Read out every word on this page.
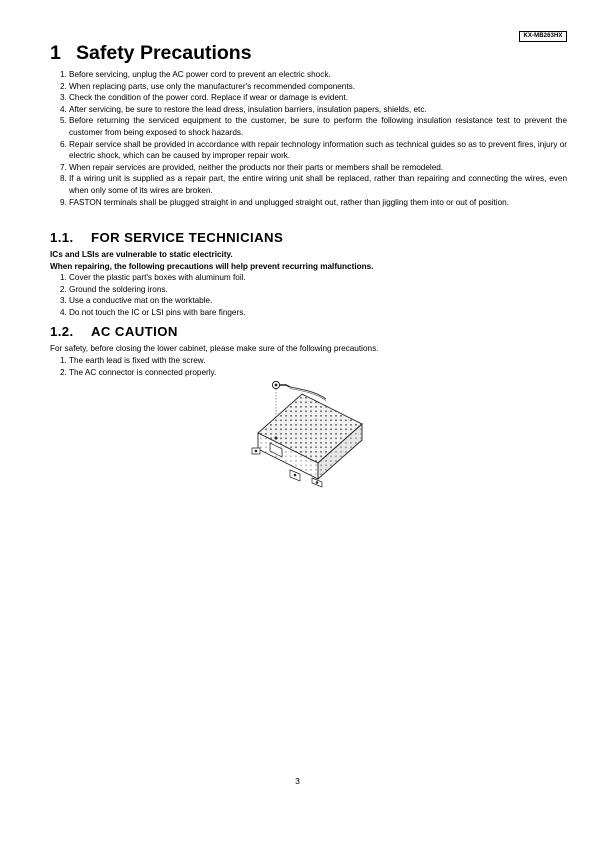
KX-MB263HX
1 Safety Precautions
1. Before servicing, unplug the AC power cord to prevent an electric shock.
2. When replacing parts, use only the manufacturer's recommended components.
3. Check the condition of the power cord. Replace if wear or damage is evident.
4. After servicing, be sure to restore the lead dress, insulation barriers, insulation papers, shields, etc.
5. Before returning the serviced equipment to the customer, be sure to perform the following insulation resistance test to prevent the customer from being exposed to shock hazards.
6. Repair service shall be provided in accordance with repair technology information such as technical guides so as to prevent fires, injury or electric shock, which can be caused by improper repair work.
7. When repair services are provided, neither the products nor their parts or members shall be remodeled.
8. If a wiring unit is supplied as a repair part, the entire wiring unit shall be replaced, rather than repairing and connecting the wires, even when only some of its wires are broken.
9. FASTON terminals shall be plugged straight in and unplugged straight out, rather than jiggling them into or out of position.
1.1. FOR SERVICE TECHNICIANS
ICs and LSIs are vulnerable to static electricity.
When repairing, the following precautions will help prevent recurring malfunctions.
1. Cover the plastic part's boxes with aluminum foil.
2. Ground the soldering irons.
3. Use a conductive mat on the worktable.
4. Do not touch the IC or LSI pins with bare fingers.
1.2. AC CAUTION
For safety, before closing the lower cabinet, please make sure of the following precautions.
1. The earth lead is fixed with the screw.
2. The AC connector is connected properly.
3
